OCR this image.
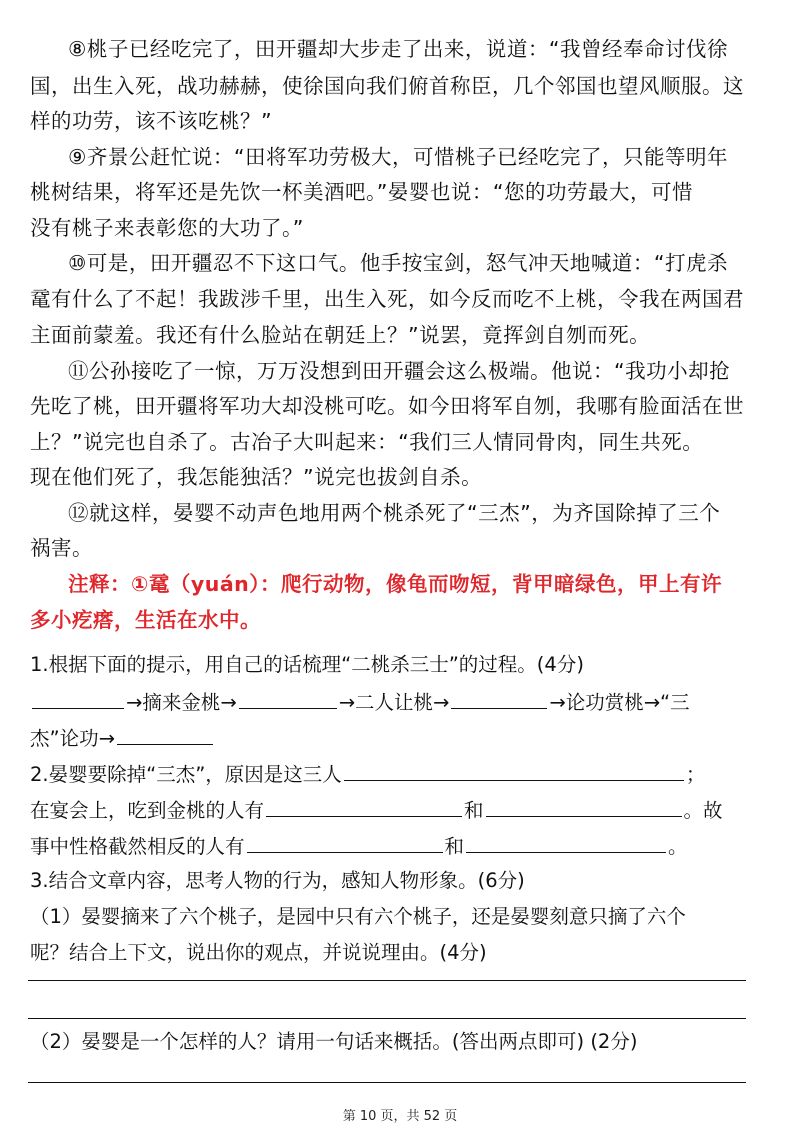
⑧桃子已经吃完了，田开疆却大步走了出来，说道：“我曾经奉命讨伐徐
国，出生入死，战功赫赫，使徐国向我们俯首称臣，几个邻国也望风顺服。这
样的功劳，该不该吃桃？”
⑨齐景公赶忙说：“田将军功劳极大，可惜桃子已经吃完了，只能等明年
桃树结果，将军还是先饮一杯美酒吧。”晏婴也说：“您的功劳最大，可惜
没有桃子来表彰您的大功了。”
⑩可是，田开疆忍不下这口气。他手按宝剑，怒气冲天地喊道：“打虎杀
鼋有什么了不起！我跋涉千里，出生入死，如今反而吃不上桃，令我在两国君
主面前蒙羞。我还有什么脸站在朝廷上？”说罢，竟挥剑自刎而死。
⑪公孙接吃了一惊，万万没想到田开疆会这么极端。他说：“我功小却抢
先吃了桃，田开疆将军功大却没桃可吃。如今田将军自刎，我哪有脸面活在世
上？”说完也自杀了。古冶子大叫起来：“我们三人情同骨肉，同生共死。
现在他们死了，我怎能独活？”说完也拔剑自杀。
⑫就这样，晏婴不动声色地用两个桃杀死了“三杰”，为齐国除掉了三个
祸害。
注释：①鼋（yuán）：爬行动物，像龟而吻短，背甲暗绿色，甲上有许
多小疙瘩，生活在水中。
1.根据下面的提示，用自己的话梳理“二桃杀三士”的过程。(4分)
→摘来金桃→	→二人让桃→	→论功赏桃→“三
杰”论功→
2.晏婴要除掉“三杰”，原因是这三人	；
在宴会上，吃到金桃的人有	和	。故
事中性格截然相反的人有	和	。
3.结合文章内容，思考人物的行为，感知人物形象。(6分)
（1）晏婴摘来了六个桃子，是园中只有六个桃子，还是晏婴刻意只摘了六个
呢？结合上下文，说出你的观点，并说说理由。(4分)
（2）晏婴是一个怎样的人？请用一句话来概括。(答出两点即可) (2分)
第 10 页，共 52 页
